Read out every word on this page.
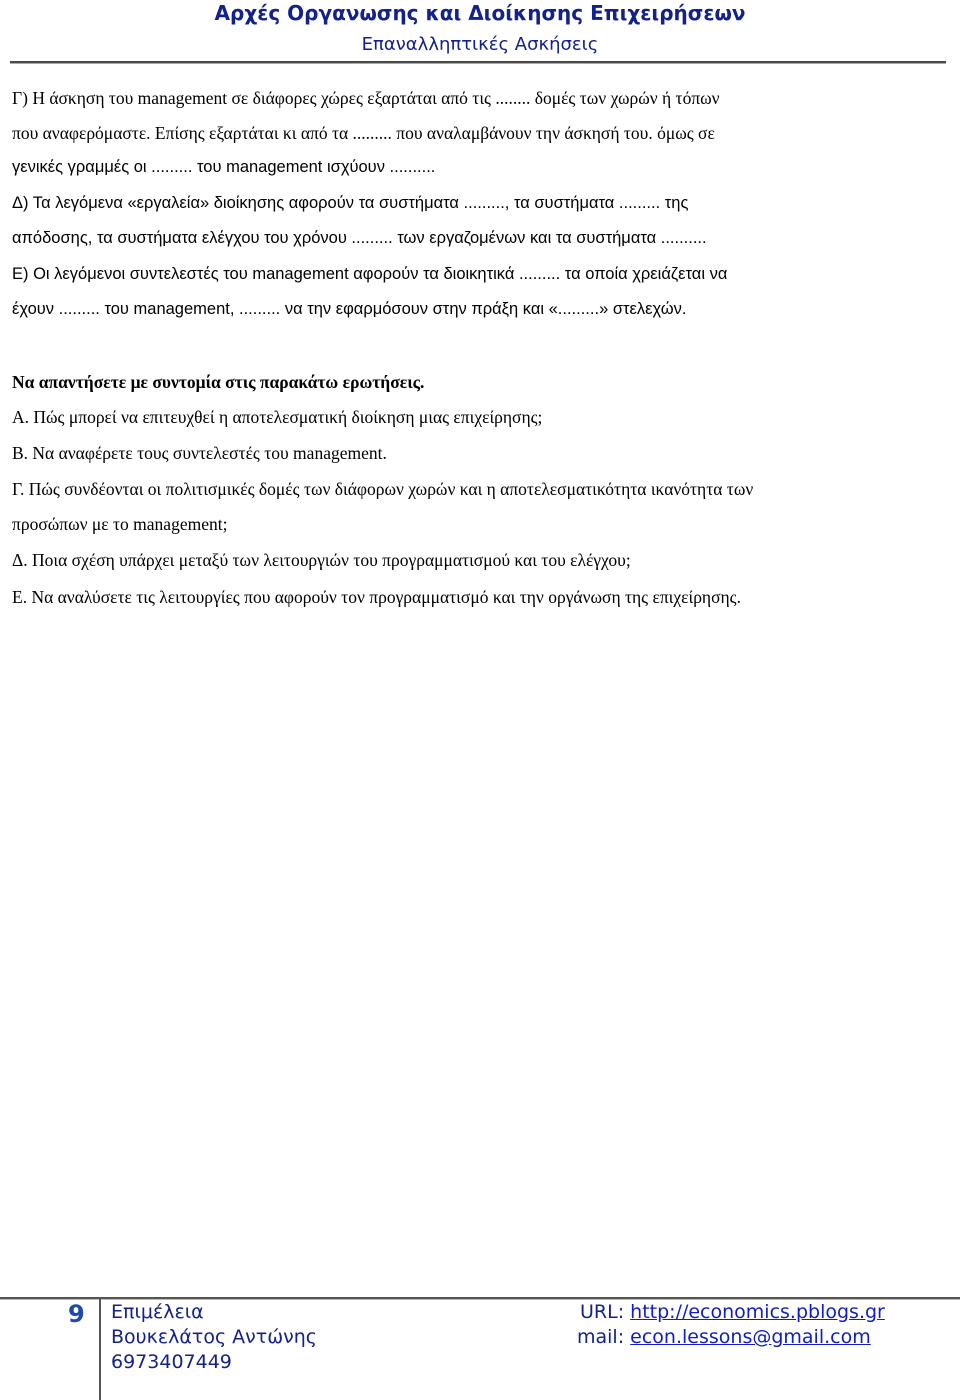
Αρχές Οργανωσης και Διοίκησης Επιχειρήσεων
Επαναλληπτικές Ασκήσεις
Γ) Η άσκηση του management σε διάφορες χώρες εξαρτάται από τις ........ δομές των χωρών ή τόπων
που αναφερόμαστε. Επίσης εξαρτάται κι από τα ......... που αναλαμβάνουν την άσκησή του. όμως σε
γενικές γραμμές οι ......... του management ισχύουν ..........
Δ) Τα λεγόμενα «εργαλεία» διοίκησης αφορούν τα συστήματα ........., τα συστήματα ......... της
απόδοσης, τα συστήματα ελέγχου του χρόνου ......... των εργαζομένων και τα συστήματα ..........
Ε) Οι λεγόμενοι συντελεστές του management αφορούν τα διοικητικά ......... τα οποία χρειάζεται να
έχουν ......... του management, ......... να την εφαρμόσουν στην πράξη και «.........» στελεχών.
Να απαντήσετε με συντομία στις παρακάτω ερωτήσεις.
Α. Πώς μπορεί να επιτευχθεί η αποτελεσματική διοίκηση μιας επιχείρησης;
Β. Να αναφέρετε τους συντελεστές του management.
Γ. Πώς συνδέονται οι πολιτισμικές δομές των διάφορων χωρών και η αποτελεσματικότητα ικανότητα των
προσώπων με το management;
Δ. Ποια σχέση υπάρχει μεταξύ των λειτουργιών του προγραμματισμού και του ελέγχου;
Ε. Να αναλύσετε τις λειτουργίες που αφορούν τον προγραμματισμό και την οργάνωση της επιχείρησης.
9 Επιμέλεια
Βουκελάτος Αντώνης
6973407449
URL: http://economics.pblogs.gr
mail: econ.lessons@gmail.com
